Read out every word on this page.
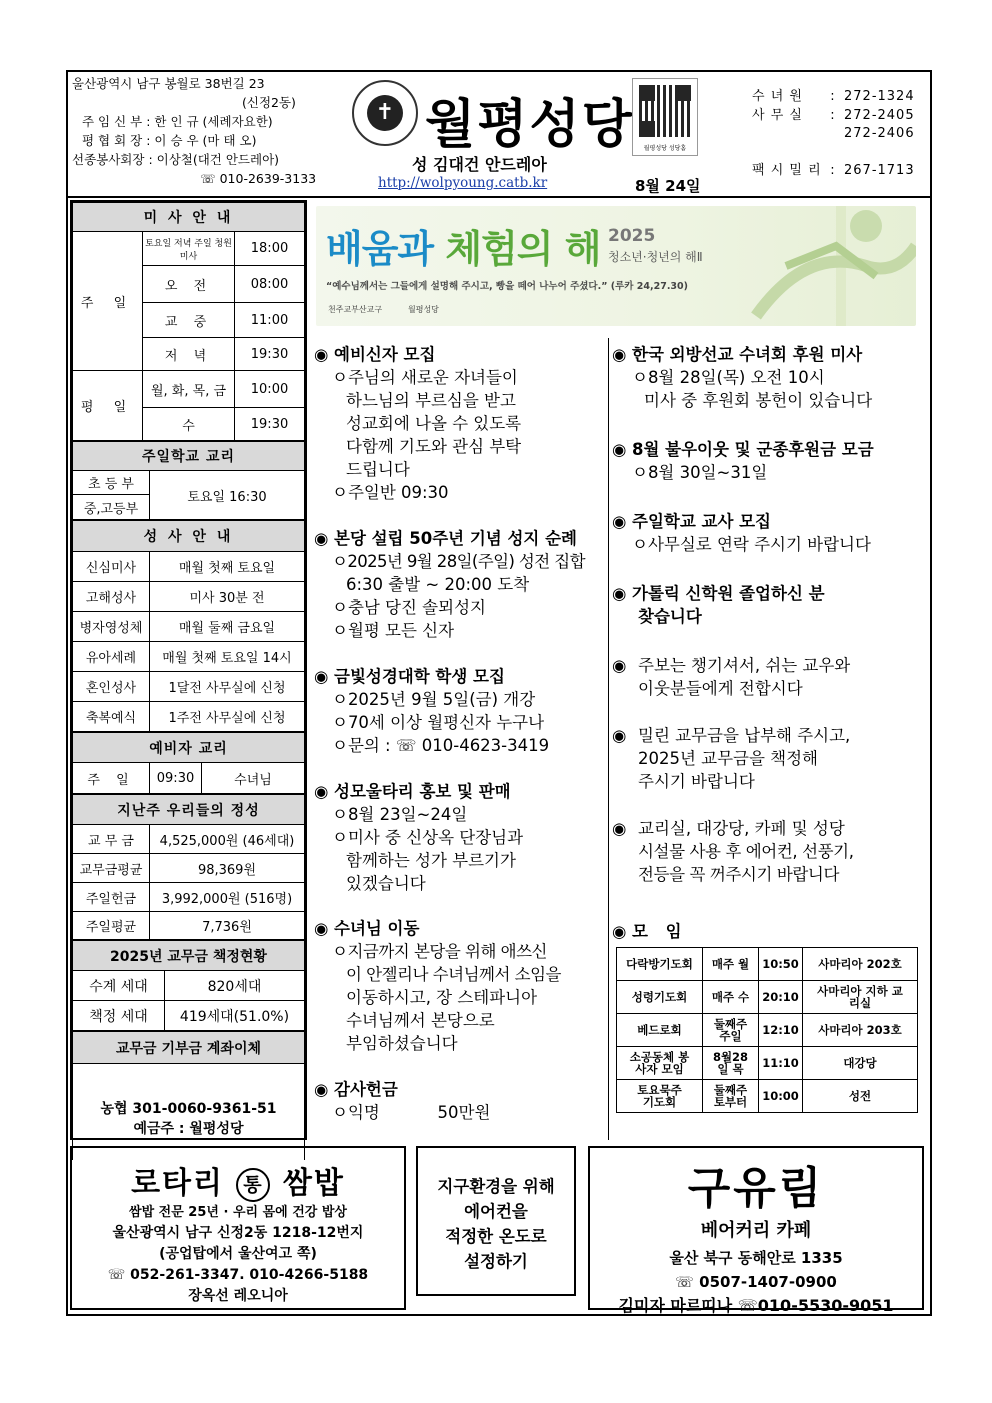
울산광역시 남구 봉월로 38번길 23
(신정2동)
주 임 신 부 : 한 인 규 (세례자요한)
평 협 회 장 : 이 승 우 (마 태 오)
선종봉사회장 : 이상철(대건 안드레아)
☏ 010-2639-3133
✝ 월평성당
성 김대건 안드레아
http://wolpyoung.catb.kr
월평성당 성당홈
8월 24일
수 녀 원	: 272-1324
사 무 실	: 272-2405
272-2406
팩 시 밀 리 : 267-1713
미 사 안 내		
주 일	토요일 저녁 주일 청원미사	18:00
	오 전	08:00
	교 중	11:00
	저 녁	19:30
평 일	월, 화, 목, 금	10:00
	수	19:30
주일학교 교리
초 등 부	토요일 16:30
중,고등부
성 사 안 내	
신심미사	매월 첫째 토요일
고해성사	미사 30분 전
병자영성체	매월 둘째 금요일
유아세례	매월 첫째 토요일 14시
혼인성사	1달전 사무실에 신청
축복예식	1주전 사무실에 신청
예비자 교리
주 일	09:30	수녀님
지난주 우리들의 정성	
교 무 금	4,525,000원 (46세대)
교무금평균	98,369원
주일헌금	3,992,000원 (516명)
주일평균	7,736원
2025년 교무금 책정현황	
수계 세대	820세대
책정 세대	419세대(51.0%)
교무금 기부금 계좌이체

농협 301-0060-9361-51
예금주 : 월평성당
배움과 체험의 해 2025
청소년·청년의 해Ⅱ
“예수님께서는 그들에게 설명해 주시고, 빵을 떼어 나누어 주셨다.” (루카 24,27.30)
천주교부산교구	월평성당
◉ 예비신자 모집

ㅇ주님의 새로운 자녀들이

하느님의 부르심을 받고

성교회에 나올 수 있도록

다함께 기도와 관심 부탁

드립니다

ㅇ주일반 09:30

◉ 본당 설립 50주년 기념 성지 순례

ㅇ2025년 9월 28일(주일) 성전 집합

6:30 출발 ~ 20:00 도착

ㅇ충남 당진 솔뫼성지

ㅇ월평 모든 신자

◉ 금빛성경대학 학생 모집

ㅇ2025년 9월 5일(금) 개강

ㅇ70세 이상 월평신자 누구나

ㅇ문의 : ☏ 010-4623-3419

◉ 성모울타리 홍보 및 판매

ㅇ8월 23일~24일

ㅇ미사 중 신상옥 단장님과

함께하는 성가 부르기가

있겠습니다

◉ 수녀님 이동

ㅇ지금까지 본당을 위해 애쓰신

이 안젤리나 수녀님께서 소임을

이동하시고, 장 스테파니아

수녀님께서 본당으로

부임하셨습니다

◉ 감사헌금

ㅇ익명           50만원

◉ 한국 외방선교 수녀회 후원 미사

ㅇ8월 28일(목) 오전 10시

미사 중 후원회 봉헌이 있습니다

◉ 8월 불우이웃 및 군종후원금 모금

ㅇ8월 30일~31일

◉ 주일학교 교사 모집

ㅇ사무실로 연락 주시기 바랍니다

◉ 가톨릭 신학원 졸업하신 분

찾습니다

◉ 주보는 챙기셔서, 쉬는 교우와

이웃분들에게 전합시다

◉ 밀린 교무금을 납부해 주시고,

2025년 교무금을 책정해

주시기 바랍니다

◉ 교리실, 대강당, 카페 및 성당

시설물 사용 후 에어컨, 선풍기,

전등을 꼭 꺼주시기 바랍니다

◉ 모 임
다락방기도회	매주 월	10:50	사마리아 202호
성령기도회	매주 수	20:10	사마리아 지하 교리실
베드로회	둘째주 주일	12:10	사마리아 203호
소공동체 봉사자 모임	8월28일 목	11:10	대강당
토요묵주 기도회	둘째주 토부터	10:00	성전
로타리 통 쌈밥
쌈밥 전문 25년 · 우리 몸에 건강 밥상
울산광역시 남구 신정2동 1218-12번지
(공업탑에서 울산여고 쪽)
☏ 052-261-3347. 010-4266-5188
장옥선 레오니아
지구환경을 위해
에어컨을
적정한 온도로
설정하기
구유림
베어커리 카페
울산 북구 동해안로 1335
☏ 0507-1407-0900
김미자 마르띠나 ☏010-5530-9051
